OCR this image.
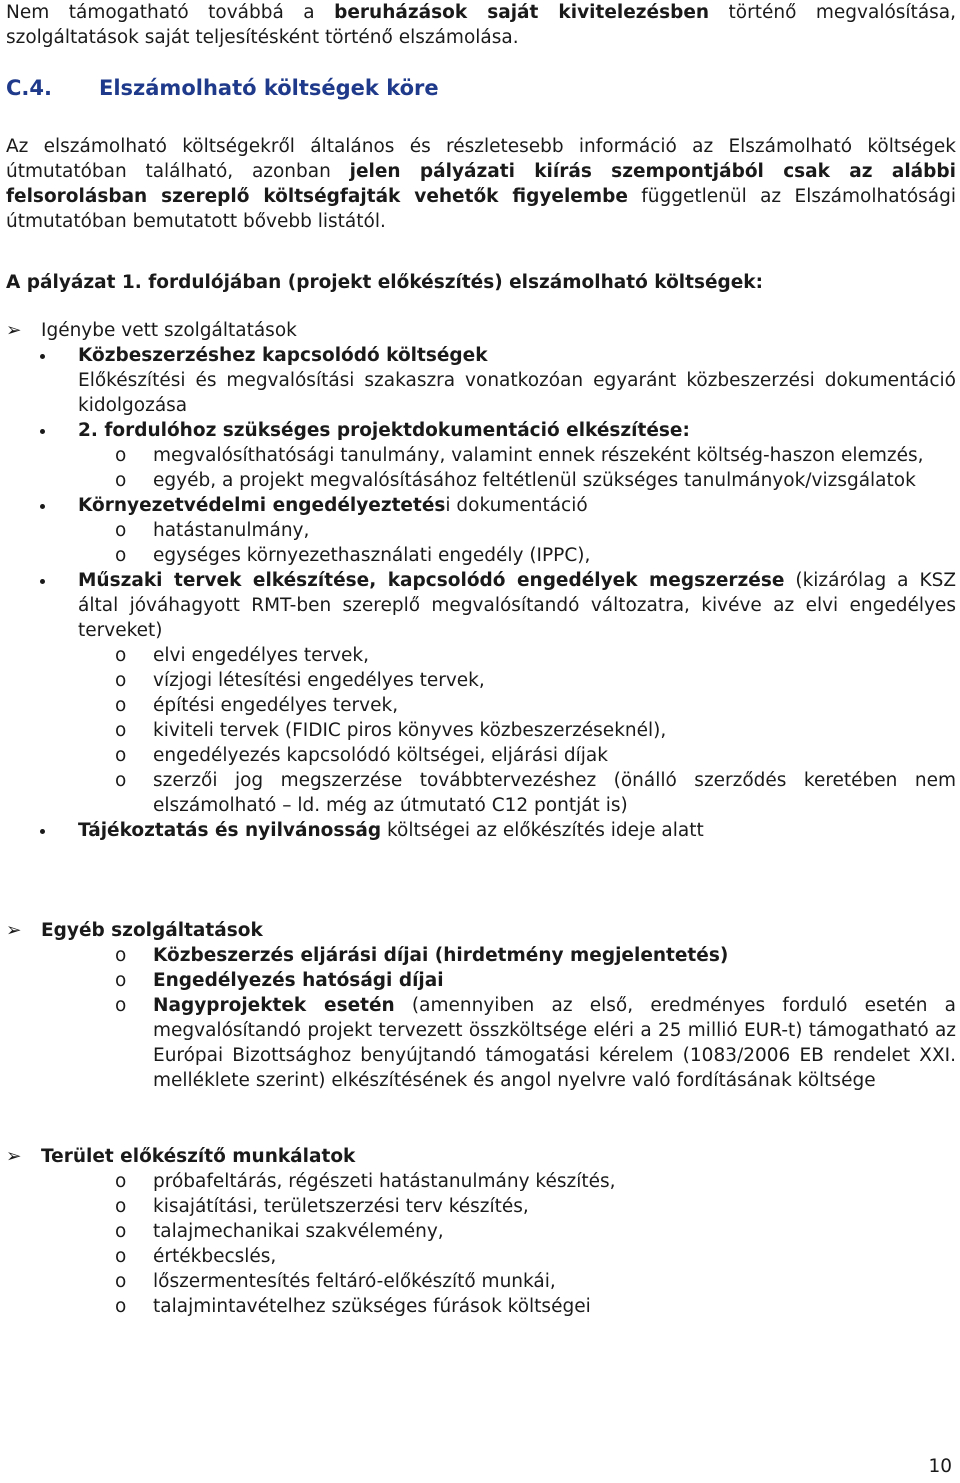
Nem támogatható továbbá a beruházások saját kivitelezésben történő megvalósítása, szolgáltatások saját teljesítésként történő elszámolása.

C.4. Elszámolható költségek köre

Az elszámolható költségekről általános és részletesebb információ az Elszámolható költségek útmutatóban található, azonban jelen pályázati kiírás szempontjából csak az alábbi felsorolásban szereplő költségfajták vehetők figyelembe függetlenül az Elszámolhatósági útmutatóban bemutatott bővebb listától.

A pályázat 1. fordulójában (projekt előkészítés) elszámolható költségek:

➢ Igénybe vett szolgáltatások

Közbeszerzéshez kapcsolódó költségek

Előkészítési és megvalósítási szakaszra vonatkozóan egyaránt közbeszerzési dokumentáció kidolgozása

2. fordulóhoz szükséges projektdokumentáció elkészítése:

o megvalósíthatósági tanulmány, valamint ennek részeként költség-haszon elemzés,

o egyéb, a projekt megvalósításához feltétlenül szükséges tanulmányok/vizsgálatok

Környezetvédelmi engedélyeztetési dokumentáció

o hatástanulmány,

o egységes környezethasználati engedély (IPPC),

Műszaki tervek elkészítése, kapcsolódó engedélyek megszerzése (kizárólag a KSZ által jóváhagyott RMT-ben szereplő megvalósítandó változatra, kivéve az elvi engedélyes terveket)

o elvi engedélyes tervek,

o vízjogi létesítési engedélyes tervek,

o építési engedélyes tervek,

o kiviteli tervek (FIDIC piros könyves közbeszerzéseknél),

o engedélyezés kapcsolódó költségei, eljárási díjak

o szerzői jog megszerzése továbbtervezéshez (önálló szerződés keretében nem elszámolható – ld. még az útmutató C12 pontját is)

Tájékoztatás és nyilvánosság költségei az előkészítés ideje alatt

➢ Egyéb szolgáltatások

o Közbeszerzés eljárási díjai (hirdetmény megjelentetés)

o Engedélyezés hatósági díjai

o Nagyprojektek esetén (amennyiben az első, eredményes forduló esetén a megvalósítandó projekt tervezett összköltsége eléri a 25 millió EUR-t) támogatható az Európai Bizottsághoz benyújtandó támogatási kérelem (1083/2006 EB rendelet XXI. melléklete szerint) elkészítésének és angol nyelvre való fordításának költsége

➢ Terület előkészítő munkálatok

o próbafeltárás, régészeti hatástanulmány készítés,

o kisajátítási, területszerzési terv készítés,

o talajmechanikai szakvélemény,

o értékbecslés,

o lőszermentesítés feltáró-előkészítő munkái,

o talajmintavételhez szükséges fúrások költségei

10
